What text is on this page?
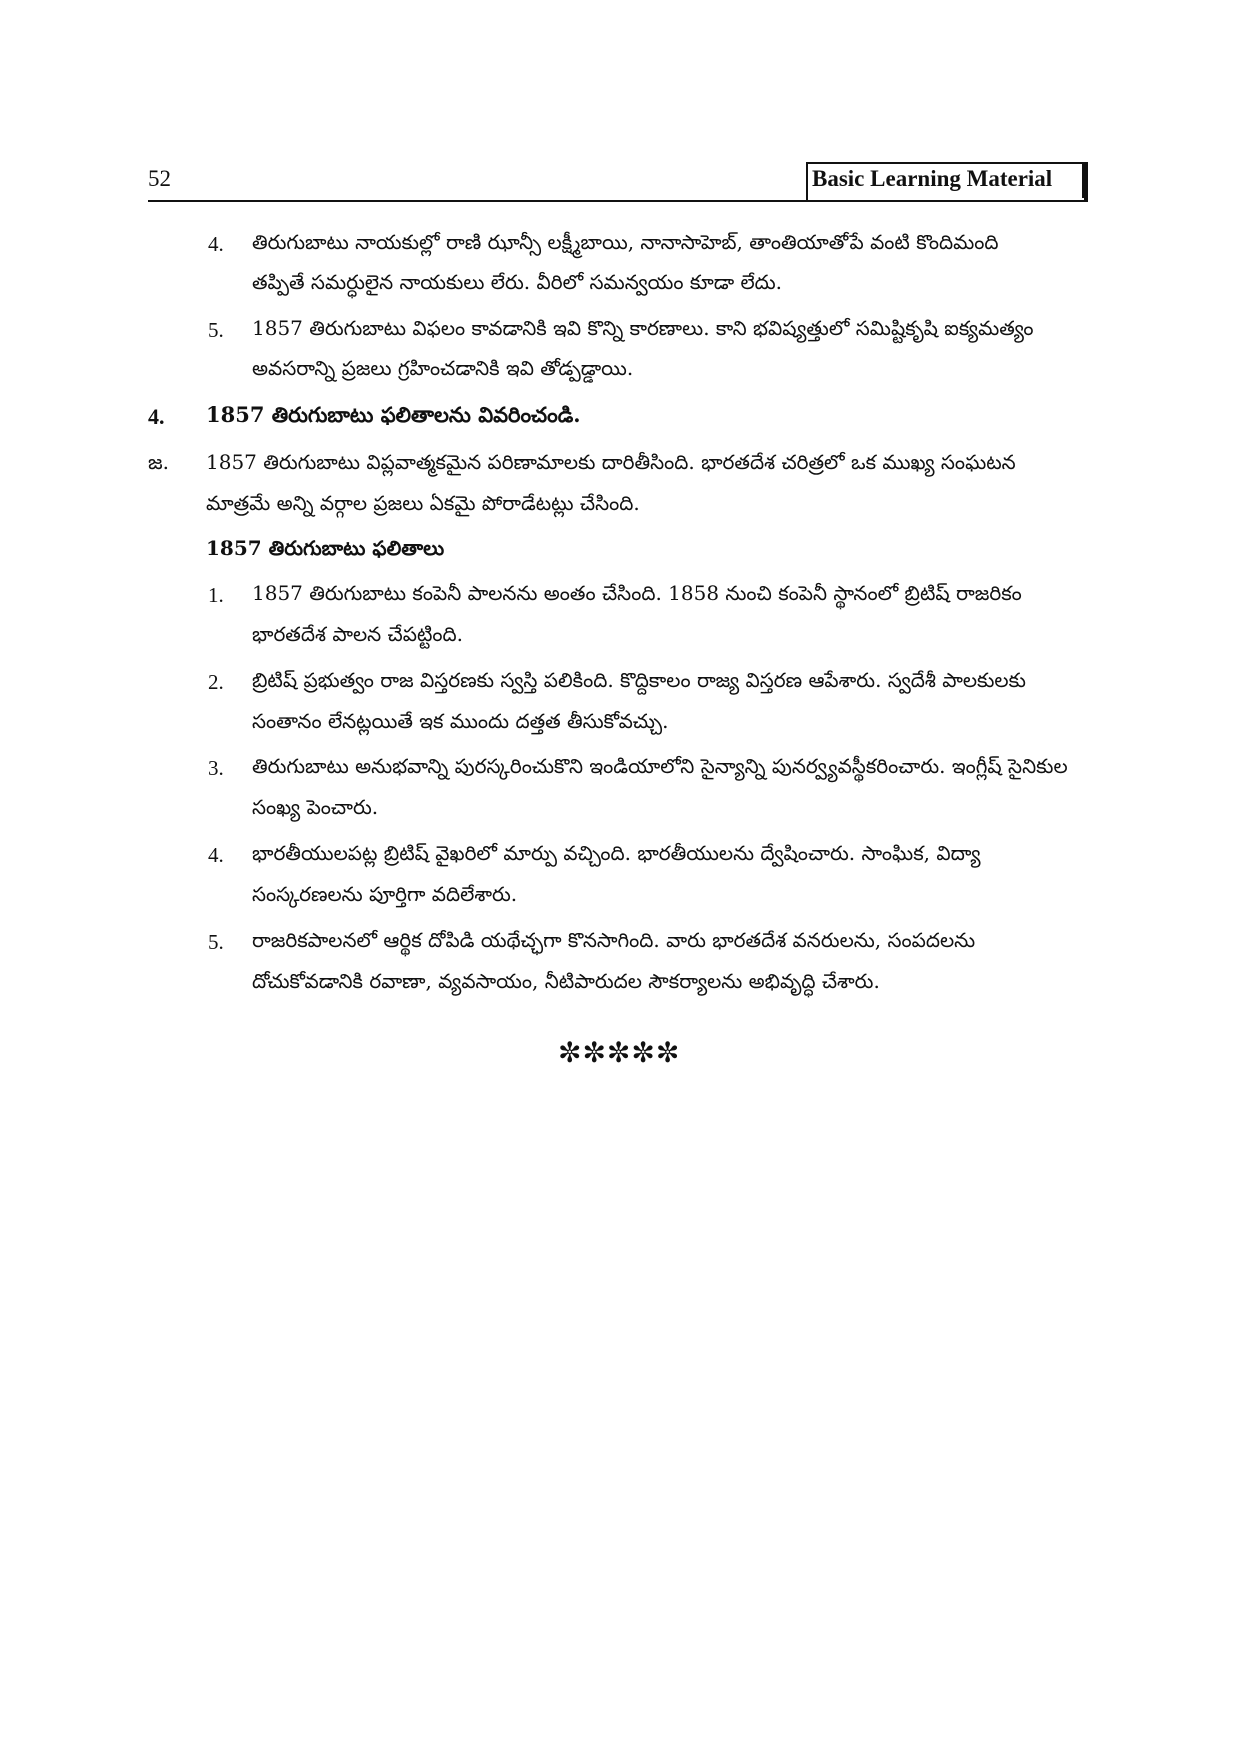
52	Basic Learning Material
4. తిరుగుబాటు నాయకుల్లో రాణి ఝాన్సీ లక్ష్మీబాయి, నానాసాహెబ్, తాంతియాతోపే వంటి కొందిమంది
తప్పితే సమర్ధులైన నాయకులు లేరు. వీరిలో సమన్వయం కూడా లేదు.
5. 1857 తిరుగుబాటు విఫలం కావడానికి ఇవి కొన్ని కారణాలు. కాని భవిష్యత్తులో సమిష్టికృషి ఐక్యమత్యం
అవసరాన్ని ప్రజలు గ్రహించడానికి ఇవి తోడ్పడ్డాయి.
4. 1857 తిరుగుబాటు ఫలితాలను వివరించండి.
జ. 1857 తిరుగుబాటు విప్లవాత్మకమైన పరిణామాలకు దారితీసింది. భారతదేశ చరిత్రలో ఒక ముఖ్య సంఘటన
మాత్రమే అన్ని వర్గాల ప్రజలు ఏకమై పోరాడేటట్లు చేసింది.
1857 తిరుగుబాటు ఫలితాలు
1. 1857 తిరుగుబాటు కంపెనీ పాలనను అంతం చేసింది. 1858 నుంచి కంపెనీ స్థానంలో బ్రిటిష్ రాజరికం
భారతదేశ పాలన చేపట్టింది.
2. బ్రిటిష్ ప్రభుత్వం రాజ విస్తరణకు స్వస్తి పలికింది. కొద్దికాలం రాజ్య విస్తరణ ఆపేశారు. స్వదేశీ పాలకులకు
సంతానం లేనట్లయితే ఇక ముందు దత్తత తీసుకోవచ్చు.
3. తిరుగుబాటు అనుభవాన్ని పురస్కరించుకొని ఇండియాలోని సైన్యాన్ని పునర్వ్యవస్థీకరించారు. ఇంగ్లీష్ సైనికుల
సంఖ్య పెంచారు.
4. భారతీయులపట్ల బ్రిటిష్ వైఖరిలో మార్పు వచ్చింది. భారతీయులను ద్వేషించారు. సాంఘిక, విద్యా
సంస్కరణలను పూర్తిగా వదిలేశారు.
5. రాజరికపాలనలో ఆర్థిక దోపిడి యథేచ్ఛగా కొనసాగింది. వారు భారతదేశ వనరులను, సంపదలను
దోచుకోవడానికి రవాణా, వ్యవసాయం, నీటిపారుదల సౌకర్యాలను అభివృద్ధి చేశారు.
✼✼✼✼✼
